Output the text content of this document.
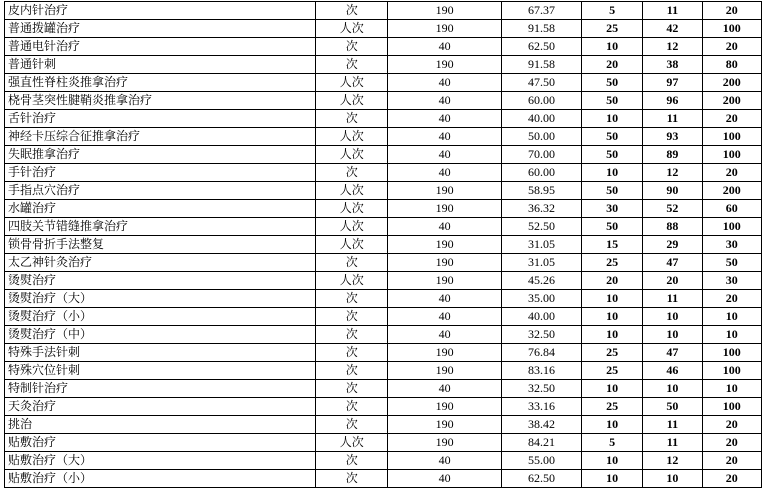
皮内针治疗	次	190	67.37	5	11	20
普通拨罐治疗	人次	190	91.58	25	42	100
普通电针治疗	次	40	62.50	10	12	20
普通针刺	次	190	91.58	20	38	80
强直性脊柱炎推拿治疗	人次	40	47.50	50	97	200
桡骨茎突性腱鞘炎推拿治疗	人次	40	60.00	50	96	200
舌针治疗	次	40	40.00	10	11	20
神经卡压综合征推拿治疗	人次	40	50.00	50	93	100
失眠推拿治疗	人次	40	70.00	50	89	100
手针治疗	次	40	60.00	10	12	20
手指点穴治疗	人次	190	58.95	50	90	200
水罐治疗	人次	190	36.32	30	52	60
四肢关节错缝推拿治疗	人次	40	52.50	50	88	100
锁骨骨折手法整复	人次	190	31.05	15	29	30
太乙神针灸治疗	次	190	31.05	25	47	50
烫熨治疗	人次	190	45.26	20	20	30
烫熨治疗（大）	次	40	35.00	10	11	20
烫熨治疗（小）	次	40	40.00	10	10	10
烫熨治疗（中）	次	40	32.50	10	10	10
特殊手法针刺	次	190	76.84	25	47	100
特殊穴位针刺	次	190	83.16	25	46	100
特制针治疗	次	40	32.50	10	10	10
天灸治疗	次	190	33.16	25	50	100
挑治	次	190	38.42	10	11	20
贴敷治疗	人次	190	84.21	5	11	20
贴敷治疗（大）	次	40	55.00	10	12	20
贴敷治疗（小）	次	40	62.50	10	10	20
